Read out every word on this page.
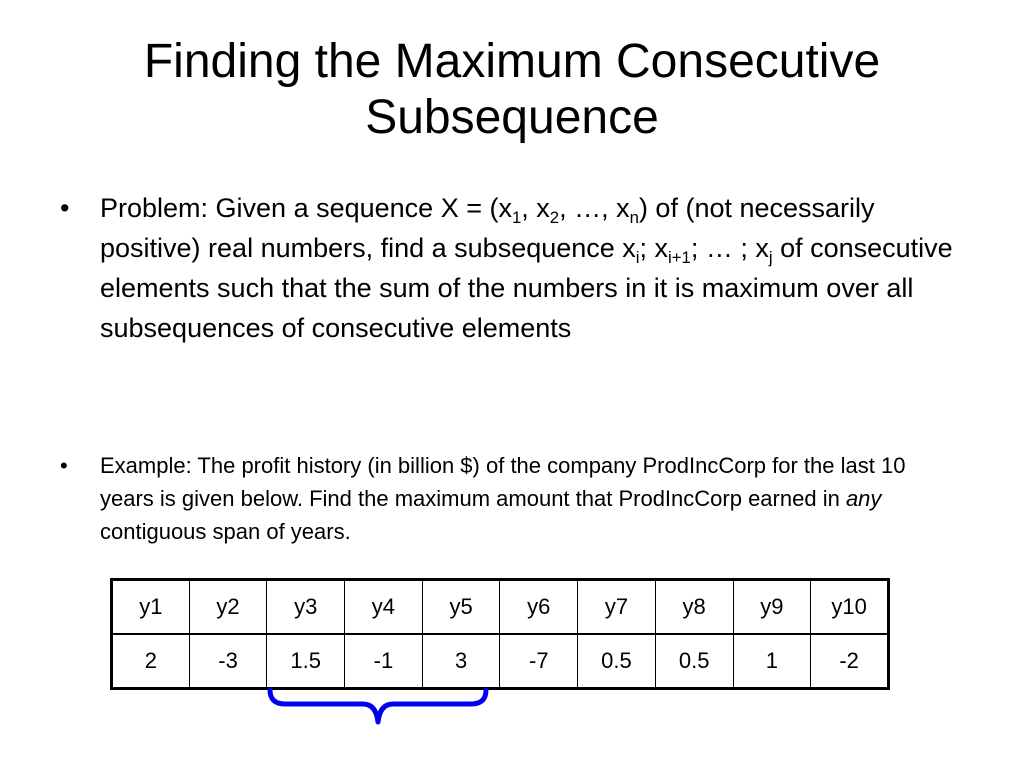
Finding the Maximum Consecutive
Subsequence
• Problem: Given a sequence $X = (x_1$, $x_2$, …, $x_n$) of (not necessarily positive) real numbers, find a subsequence $x_i$; $x_{i+1}$; … ; $x_j$ of consecutive elements such that the sum of the numbers in it is maximum over all subsequences of consecutive elements
• Example: The profit history (in billion $) of the company ProdIncCorp for the last 10 years is given below. Find the maximum amount that ProdIncCorp earned in any contiguous span of years.
y1	y2	y3	y4	y5	y6	y7	y8	y9	y10
2	-3	1.5	-1	3	-7	0.5	0.5	1	-2
